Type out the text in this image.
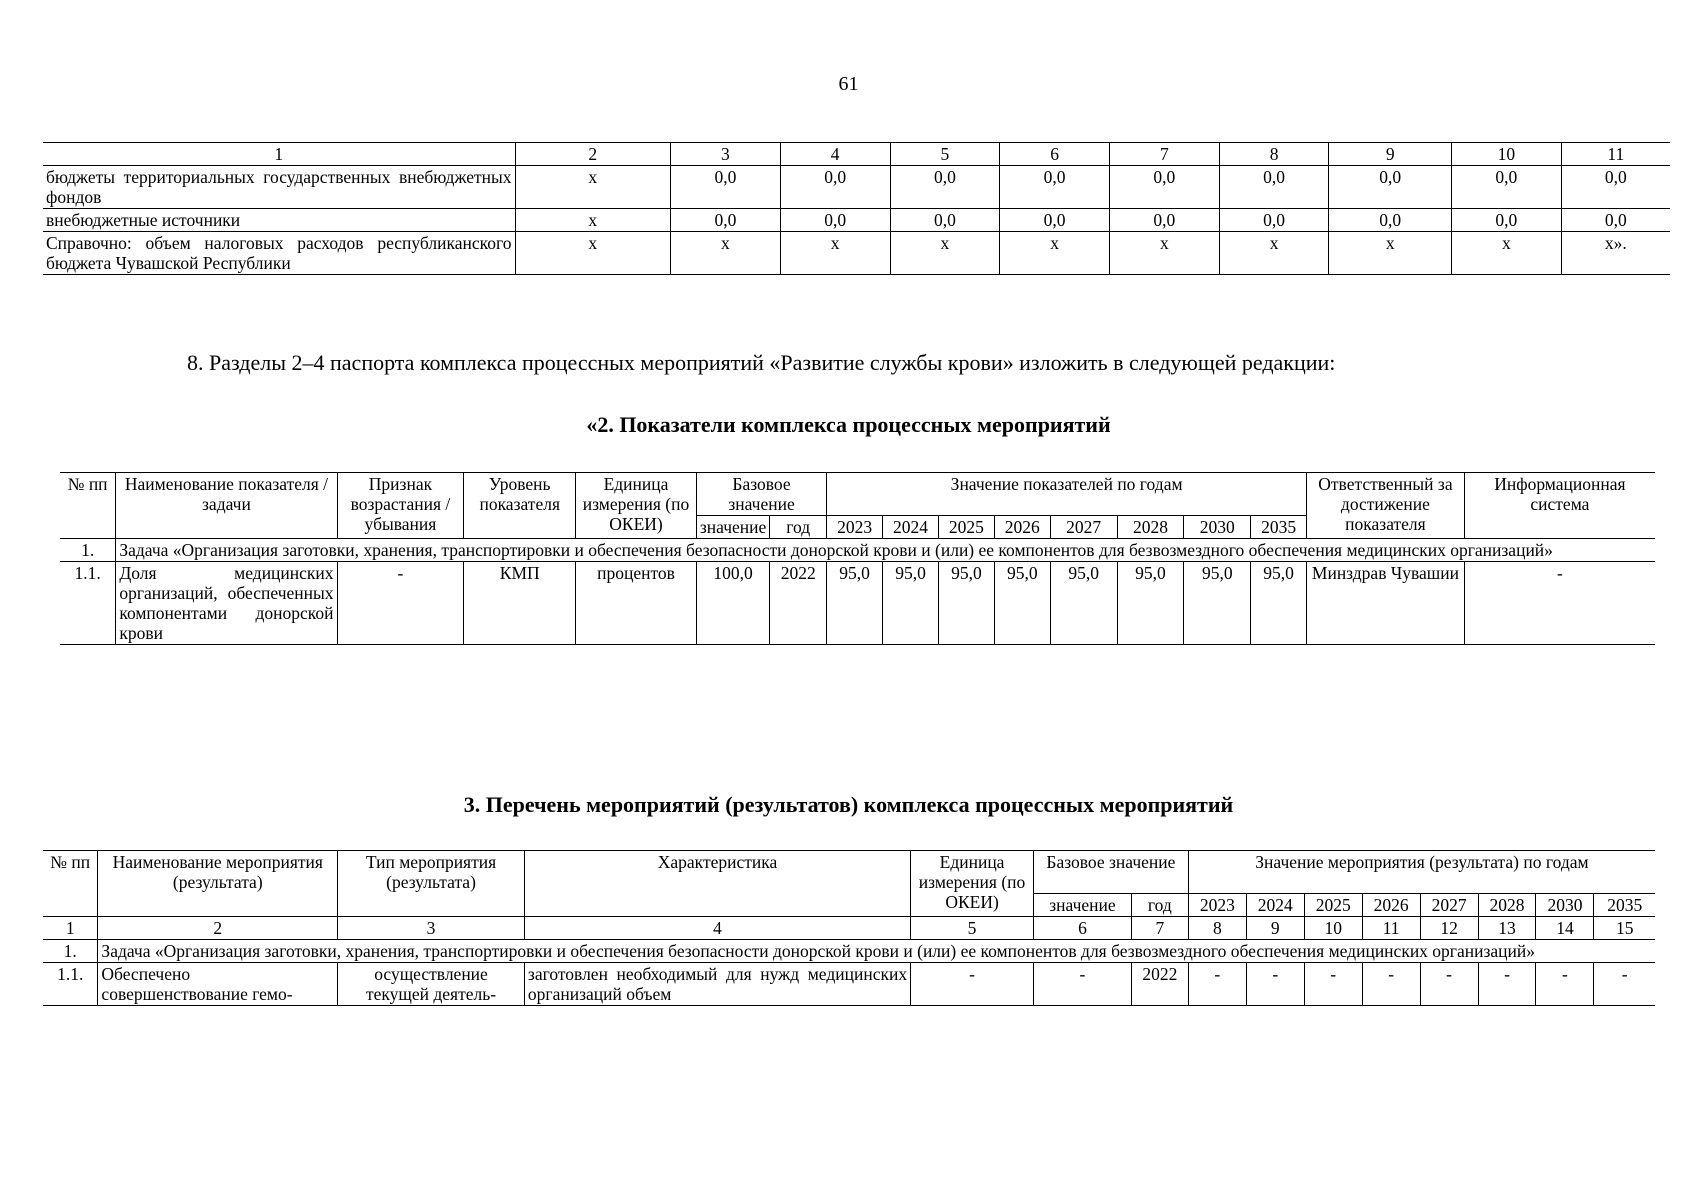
61
1	2	3	4	5	6	7	8	9	10	11
бюджеты территориальных государственных внебюджетных фондов	х	0,0	0,0	0,0	0,0	0,0	0,0	0,0	0,0	0,0
внебюджетные источники	х	0,0	0,0	0,0	0,0	0,0	0,0	0,0	0,0	0,0
Справочно: объем налоговых расходов республиканского бюджета Чувашской Республики	х	х	х	х	х	х	х	х	х	х».
8. Разделы 2–4 паспорта комплекса процессных мероприятий «Развитие службы крови» изложить в следующей редакции:
«2. Показатели комплекса процессных мероприятий
№ пп	Наименование показателя / задачи	Признак возрастания / убывания	Уровень показателя	Единица измерения (по ОКЕИ)	Базовое значение		Значение показателей по годам								Ответственный за достижение показателя	Информационная система
					значение	год	2023	2024	2025	2026	2027	2028	2030	2035		
1.	Задача «Организация заготовки, хранения, транспортировки и обеспечения безопасности донорской крови и (или) ее компонентов для безвозмездного обеспечения медицинских организаций»															
1.1.	Доля медицинских организаций, обеспеченных компонентами донорской крови	-	КМП	процентов	100,0	2022	95,0	95,0	95,0	95,0	95,0	95,0	95,0	95,0	Минздрав Чувашии	-
3. Перечень мероприятий (результатов) комплекса процессных мероприятий
№ пп	Наименование мероприятия (результата)	Тип мероприятия (результата)	Характеристика	Единица измерения (по ОКЕИ)	Базовое значение		Значение мероприятия (результата) по годам							
					значение	год	2023	2024	2025	2026	2027	2028	2030	2035
1	2	3	4	5	6	7	8	9	10	11	12	13	14	15
1.	Задача «Организация заготовки, хранения, транспортировки и обеспечения безопасности донорской крови и (или) ее компонентов для безвозмездного обеспечения медицинских организаций»													
1.1.	Обеспечено совершенствование гемо-	осуществление текущей деятель-	заготовлен необходимый для нужд медицинских организаций объем	-	-	2022	-	-	-	-	-	-	-	-
